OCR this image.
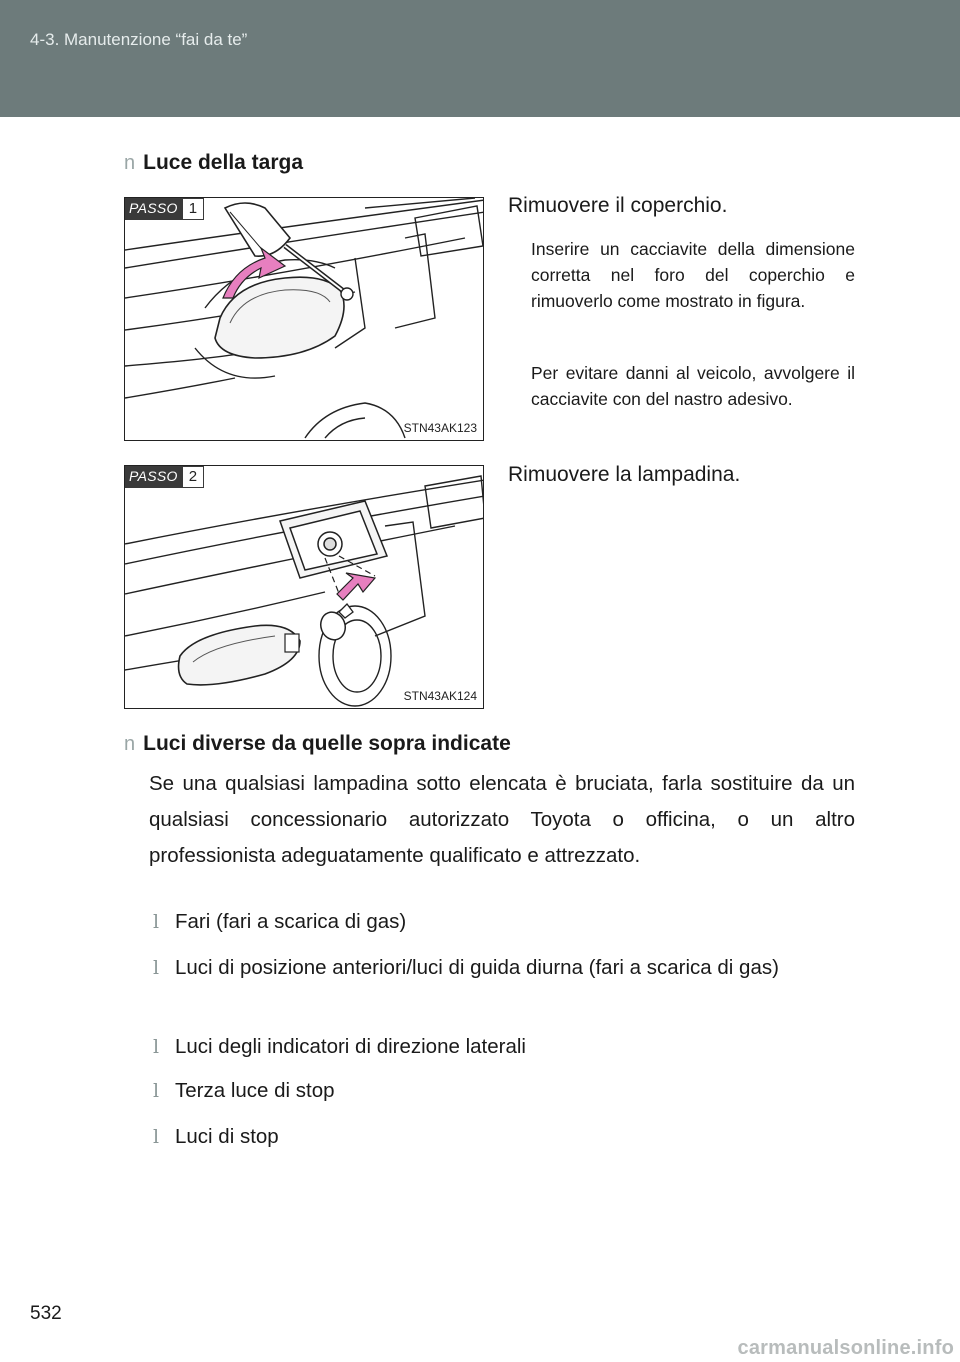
4-3. Manutenzione “fai da te”
n Luce della targa
PASSO 1
STN43AK123
Rimuovere il coperchio.

Inserire un cacciavite della dimensione corretta nel foro del coperchio e rimuoverlo come mostrato in figura.

Per evitare danni al veicolo, avvolgere il cacciavite con del nastro adesivo.

PASSO 2
STN43AK124
Rimuovere la lampadina.
n Luci diverse da quelle sopra indicate

Se una qualsiasi lampadina sotto elencata è bruciata, farla sostituire da un qualsiasi concessionario autorizzato Toyota o officina, o un altro professionista adeguatamente qualificato e attrezzato.

l Fari (fari a scarica di gas)
l Luci di posizione anteriori/luci di guida diurna (fari a scarica di gas)
l Luci degli indicatori di direzione laterali
l Terza luce di stop
l Luci di stop
532
carmanualsonline.info
